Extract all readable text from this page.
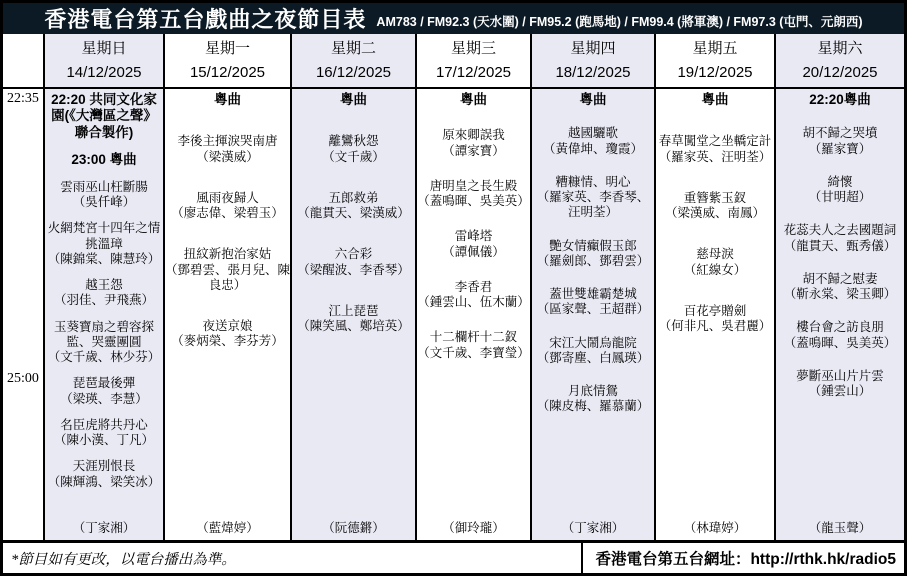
香港電台第五台戲曲之夜節目表 AM783 / FM92.3 (天水圍) / FM95.2 (跑馬地) / FM99.4 (將軍澳) / FM97.3 (屯門、元朗西)
星期日
14/12/2025
星期一
15/12/2025
星期二
16/12/2025
星期三
17/12/2025
星期四
18/12/2025
星期五
19/12/2025
星期六
20/12/2025
22:35
25:00
22:20 共同文化家園(《大灣區之聲》聯合製作)
23:00 粵曲
雲雨巫山枉斷腸
（吳仟峰）
火網梵宮十四年之情挑溫璋
（陳錦棠、陳慧玲）
越王怨
（羽佳、尹飛燕）
玉葵寶扇之碧容探監、哭靈團圓
（文千歲、林少芬）
琵琶最後彈
（梁瑛、李慧）
名臣虎將共丹心
（陳小漢、丁凡）
天涯別恨長
（陳輝鴻、梁笑冰）
（丁家湘）
粵曲
李後主揮淚哭南唐
（梁漢威）
風雨夜歸人
（廖志偉、梁碧玉）
扭紋新抱治家姑
（鄧碧雲、張月兒、陳良忠）
夜送京娘
（麥炳榮、李芬芳）
（藍煒婷）
粵曲
離鸞秋怨
（文千歲）
五郎救弟
（龍貫天、梁漢威）
六合彩
（梁醒波、李香琴）
江上琵琶
（陳笑風、鄭培英）
（阮德鏘）
粵曲
原來卿誤我
（譚家寶）
唐明皇之長生殿
（蓋鳴暉、吳美英）
雷峰塔
（譚佩儀）
李香君
（鍾雲山、伍木蘭）
十二欄杆十二釵
（文千歲、李寶瑩）
（御玲瓏）
粵曲
越國驪歌
（黃偉坤、瓊霞）
糟糠情、明心
（羅家英、李香琴、汪明荃）
艷女情癲假玉郎
（羅劍郎、鄧碧雲）
蓋世雙雄霸楚城
（區家聲、王超群）
宋江大鬧烏龍院
（鄧寄塵、白鳳瑛）
月底情鴛
（陳皮梅、羅慕蘭）
（丁家湘）
粵曲
春草闖堂之坐轎定計
（羅家英、汪明荃）
重簪紫玉釵
（梁漢威、南鳳）
慈母淚
（紅線女）
百花亭贈劍
（何非凡、吳君麗）
（林瑋婷）
22:20粵曲
胡不歸之哭墳
（羅家寶）
綺懷
（甘明超）
花蕊夫人之去國題詞
（龍貫天、甄秀儀）
胡不歸之慰妻
（靳永棠、梁玉卿）
樓台會之訪良朋
（蓋鳴暉、吳美英）
夢斷巫山片片雲
（鍾雲山）
（龍玉聲）
*節目如有更改，以電台播出為準。	香港電台第五台網址：http://rthk.hk/radio5
